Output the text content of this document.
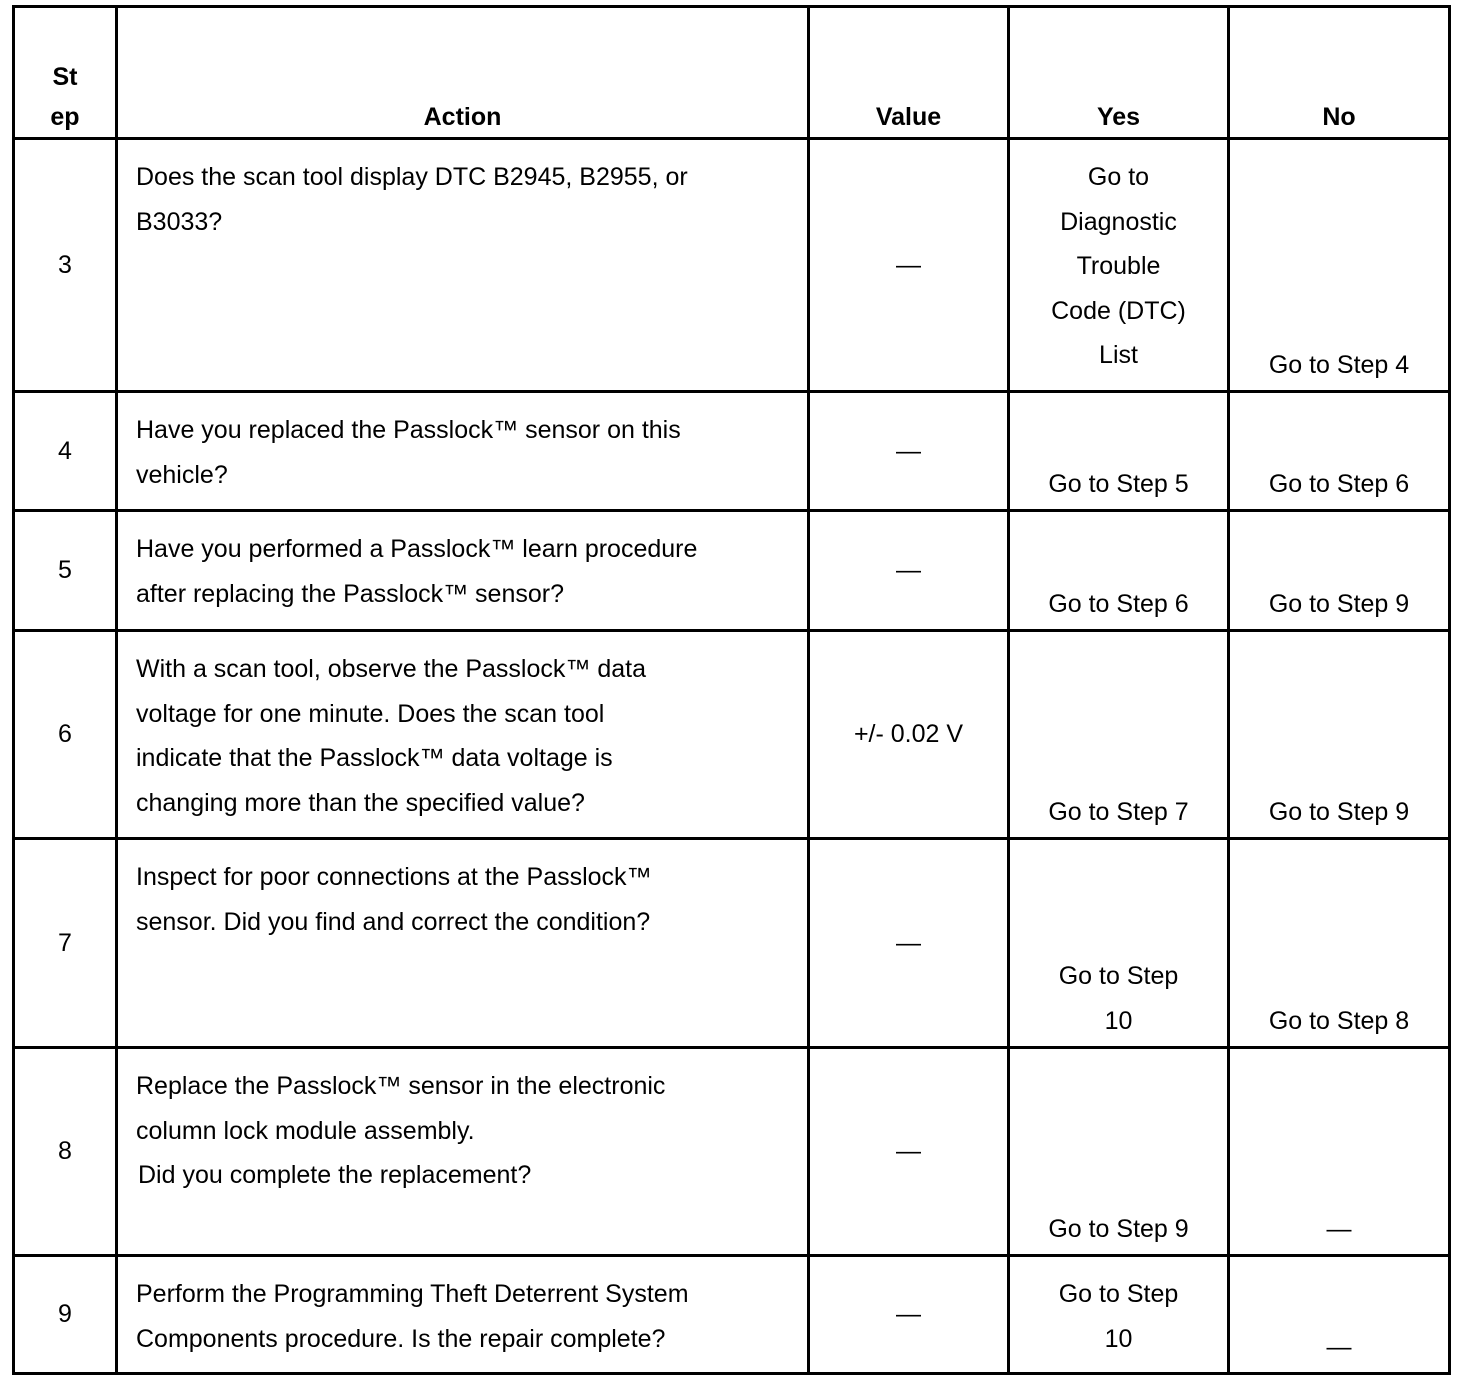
St
ep	Action	Value	Yes	No
3	Does the scan tool display DTC B2945, B2955, or
B3033?	—	Go to
Diagnostic
Trouble
Code (DTC)
List	Go to Step 4

4	Have you replaced the Passlock™ sensor on this
vehicle?	—	Go to Step 5	Go to Step 6

5	Have you performed a Passlock™ learn procedure
after replacing the Passlock™ sensor?	—	Go to Step 6	Go to Step 9

6	With a scan tool, observe the Passlock™ data
voltage for one minute. Does the scan tool
indicate that the Passlock™ data voltage is
changing more than the specified value?	+/- 0.02 V	Go to Step 7	Go to Step 9

7	Inspect for poor connections at the Passlock™
sensor. Did you find and correct the condition?	—	Go to Step
10	Go to Step 8

8	Replace the Passlock™ sensor in the electronic
column lock module assembly.
Did you complete the replacement?	—	Go to Step 9	—

9	Perform the Programming Theft Deterrent System
Components procedure. Is the repair complete?	—	Go to Step
10	—
